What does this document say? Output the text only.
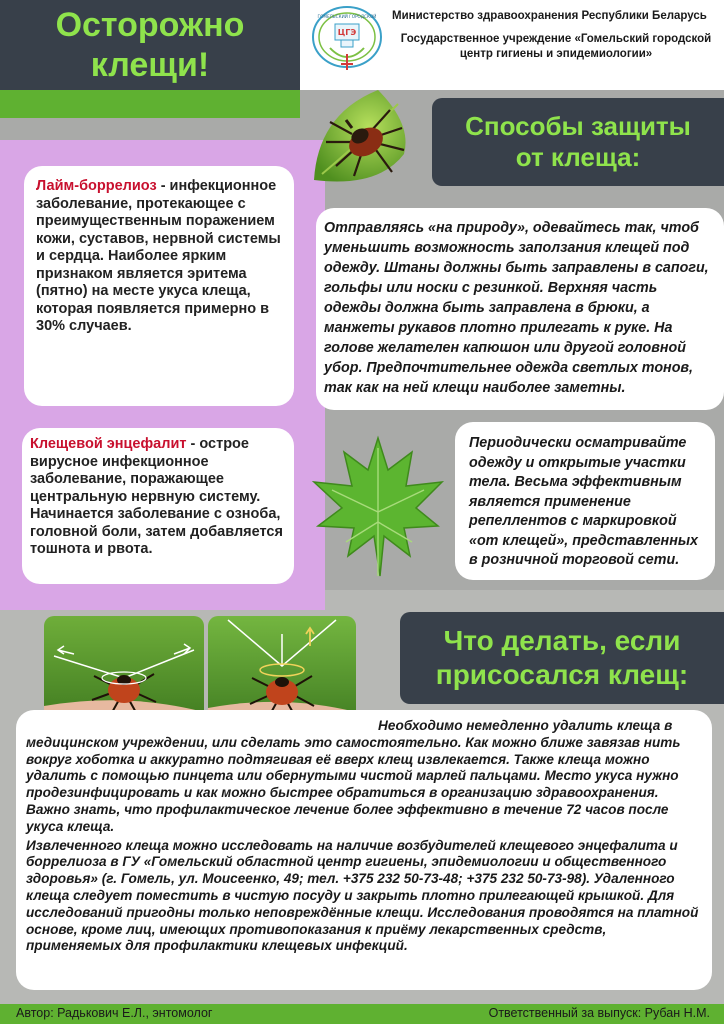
Осторожно
клещи!
ГОМЕЛЬСКИЙ ГОРОДСКОЙ
ЦГЭ
Министерство здравоохранения Республики Беларусь
Государственное учреждение «Гомельский городской центр гигиены и эпидемиологии»
Способы защиты
от клеща:
Что делать, если
присосался клещ:
Лайм-боррелиоз - инфекционное заболевание, протекающее с преимущественным поражением кожи, суставов, нервной системы и сердца. Наиболее ярким признаком является эритема (пятно) на месте укуса клеща, которая появляется примерно в 30% случаев.
Клещевой энцефалит - острое вирусное инфекционное заболевание, поражающее центральную нервную систему. Начинается заболевание с озноба, головной боли, затем добавляется тошнота и рвота.
Отправляясь «на природу», одевайтесь так, чтоб уменьшить возможность заползания клещей под одежду. Штаны должны быть заправлены в сапоги, гольфы или носки с резинкой. Верхняя часть одежды должна быть заправлена в брюки, а манжеты рукавов плотно прилегать к руке. На голове желателен капюшон или другой головной убор. Предпочтительнее одежда светлых тонов, так как на ней клещи наиболее заметны.
Периодически осматривайте одежду и открытые участки тела. Весьма эффективным является применение репеллентов с маркировкой «от клещей», представленных в розничной торговой сети.

Необходимо немедленно удалить клеща в медицинском учреждении, или сделать это самостоятельно. Как можно ближе завязав нить вокруг хоботка и аккуратно подтягивая её вверх клещ извлекается. Также клеща можно удалить с помощью пинцета или обернутыми чистой марлей пальцами. Место укуса нужно продезинфицировать и как можно быстрее обратиться в организацию здравоохранения. Важно знать, что профилактическое лечение более эффективно в течение 72 часов после укуса клеща.

Извлеченного клеща можно исследовать на наличие возбудителей клещевого энцефалита и боррелиоза в ГУ «Гомельский областной центр гигиены, эпидемиологии и общественного здоровья» (г. Гомель, ул. Моисеенко, 49; тел. +375 232 50-73-48; +375 232 50-73-98). Удаленного клеща следует поместить в чистую посуду и закрыть плотно прилегающей крышкой. Для исследований пригодны только неповреждённые клещи. Исследования проводятся на платной основе, кроме лиц, имеющих противопоказания к приёму лекарственных средств, применяемых для профилактики клещевых инфекций.

Автор: Радькович Е.Л., энтомолог	Ответственный за выпуск: Рубан Н.М.
